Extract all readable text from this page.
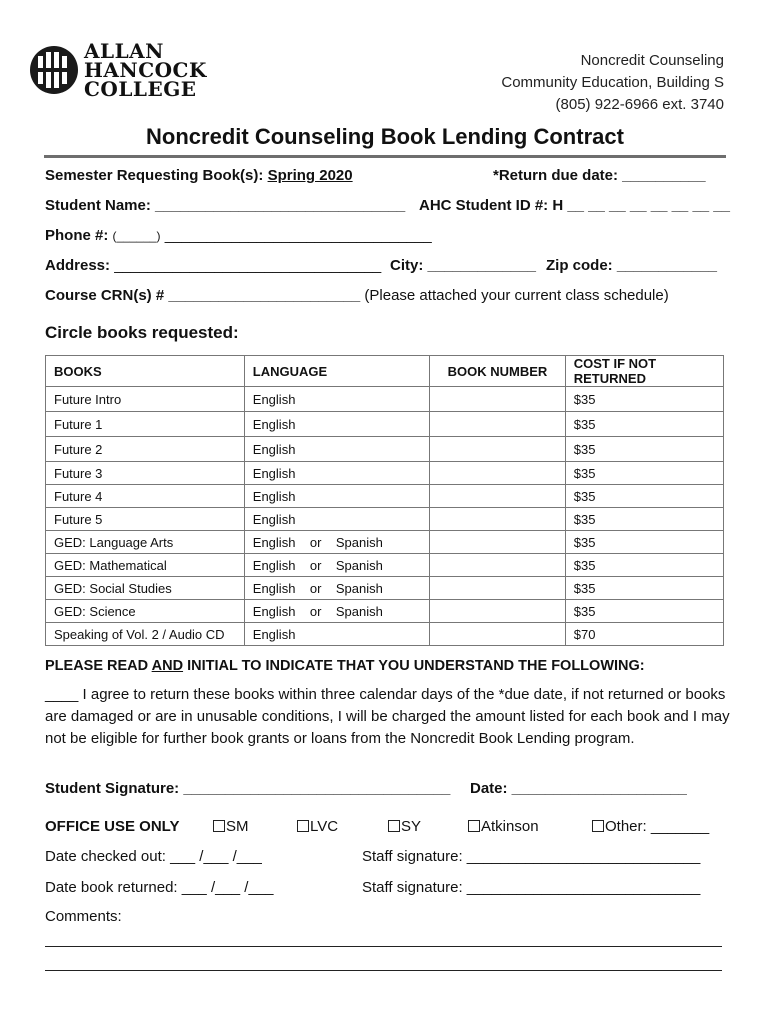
ALLAN
HANCOCK
COLLEGE
Noncredit Counseling
Community Education, Building S
(805) 922-6966 ext. 3740
Noncredit Counseling Book Lending Contract
Semester Requesting Book(s): Spring 2020	*Return due date: __________
Student Name: ______________________________ AHC Student ID #: H __ __ __ __ __ __ __ __
Phone #: (______) ________________________________
Address: ________________________________ City: _____________ Zip code: ____________
Course CRN(s) # _______________________ (Please attached your current class schedule)
Circle books requested:
BOOKS	LANGUAGE	BOOK NUMBER	COST IF NOT RETURNED
Future Intro	English		$35
Future 1	English		$35
Future 2	English		$35
Future 3	English		$35
Future 4	English		$35
Future 5	English		$35
GED: Language Arts	English    or    Spanish		$35
GED: Mathematical	English    or    Spanish		$35
GED: Social Studies	English    or    Spanish		$35
GED: Science	English    or    Spanish		$35
Speaking of Vol. 2 / Audio CD	English		$70
PLEASE READ AND INITIAL TO INDICATE THAT YOU UNDERSTAND THE FOLLOWING:
____ I agree to return these books within three calendar days of the *due date, if not returned or books are damaged or are in unusable conditions, I will be charged the amount listed for each book and I may not be eligible for further book grants or loans from the Noncredit Book Lending program.
Student Signature: ________________________________ Date: _____________________
OFFICE USE ONLY	SM	LVC	SY	Atkinson	Other: _______
Date checked out: ___ /___ /___	Staff signature: ____________________________
Date book returned: ___ /___ /___	Staff signature: ____________________________
Comments:
